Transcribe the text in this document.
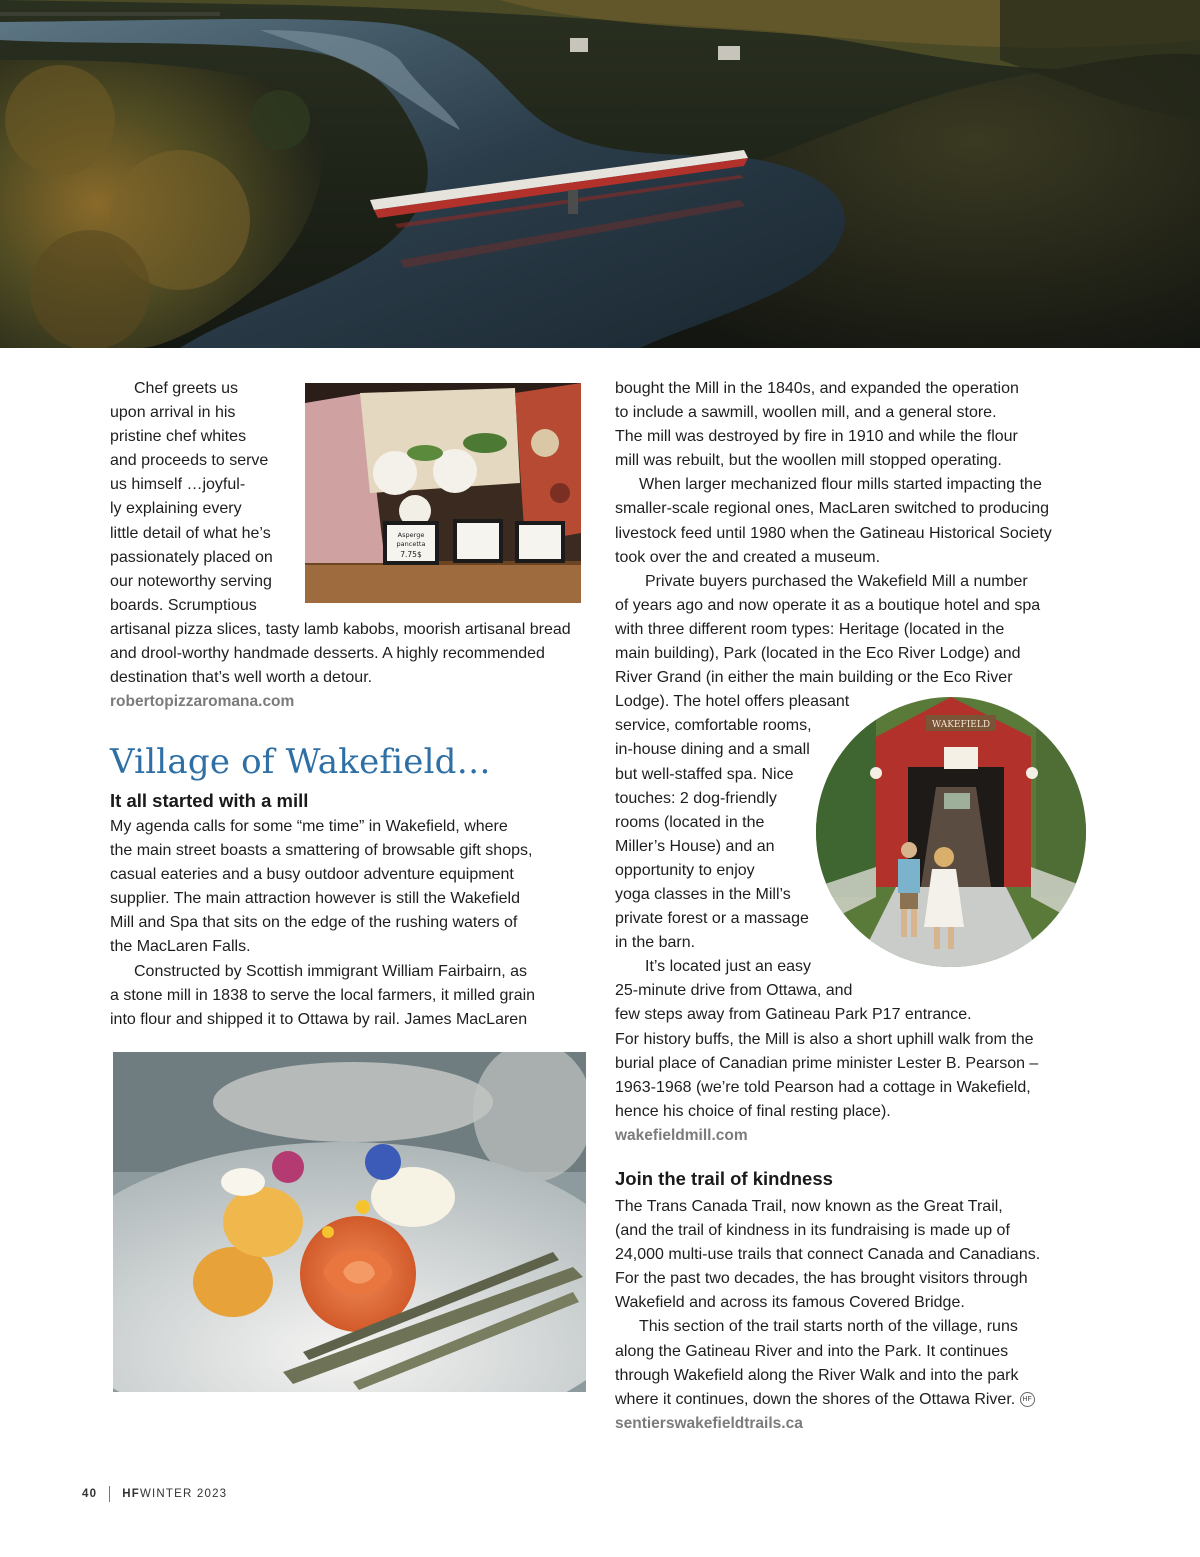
Chef greets us

upon arrival in his

pristine chef whites

and proceeds to serve

us himself …joyful-

ly explaining every

little detail of what he’s

passionately placed on

our noteworthy serving

boards. Scrumptious

artisanal pizza slices, tasty lamb kabobs, moorish artisanal bread

and drool-worthy handmade desserts. A highly recommended

destination that’s well worth a detour.

robertopizzaromana.com

Asperge
pancetta
7.75$
Village of Wakefield…
It all started with a mill

My agenda calls for some “me time” in Wakefield, where

the main street boasts a smattering of browsable gift shops,

casual eateries and a busy outdoor adventure equipment

supplier. The main attraction however is still the Wakefield

Mill and Spa that sits on the edge of the rushing waters of

the MacLaren Falls.

Constructed by Scottish immigrant William Fairbairn, as

a stone mill in 1838 to serve the local farmers, it milled grain

into flour and shipped it to Ottawa by rail. James MacLaren

bought the Mill in the 1840s, and expanded the operation

to include a sawmill, woollen mill, and a general store.

The mill was destroyed by fire in 1910 and while the flour

mill was rebuilt, but the woollen mill stopped operating.

When larger mechanized flour mills started impacting the

smaller-scale regional ones, MacLaren switched to producing

livestock feed until 1980 when the Gatineau Historical Society

took over the and created a museum.

Private buyers purchased the Wakefield Mill a number

of years ago and now operate it as a boutique hotel and spa

with three different room types: Heritage (located in the

main building), Park (located in the Eco River Lodge) and

River Grand (in either the main building or the Eco River

Lodge). The hotel offers pleasant

service, comfortable rooms,

in-house dining and a small

but well-staffed spa. Nice

touches: 2 dog-friendly

rooms (located in the

Miller’s House) and an

opportunity to enjoy

yoga classes in the Mill’s

private forest or a massage

in the barn.

It’s located just an easy

25-minute drive from Ottawa, and

few steps away from Gatineau Park P17 entrance.

For history buffs, the Mill is also a short uphill walk from the

burial place of Canadian prime minister Lester B. Pearson –

1963-1968 (we’re told Pearson had a cottage in Wakefield,

hence his choice of final resting place).

wakefieldmill.com

WAKEFIELD
Join the trail of kindness

The Trans Canada Trail, now known as the Great Trail,

(and the trail of kindness in its fundraising is made up of

24,000 multi-use trails that connect Canada and Canadians.

For the past two decades, the has brought visitors through

Wakefield and across its famous Covered Bridge.

This section of the trail starts north of the village, runs

along the Gatineau River and into the Park. It continues

through Wakefield along the River Walk and into the park

where it continues, down the shores of the Ottawa River. HF

sentierswakefieldtrails.ca

40 HF WINTER 2023
